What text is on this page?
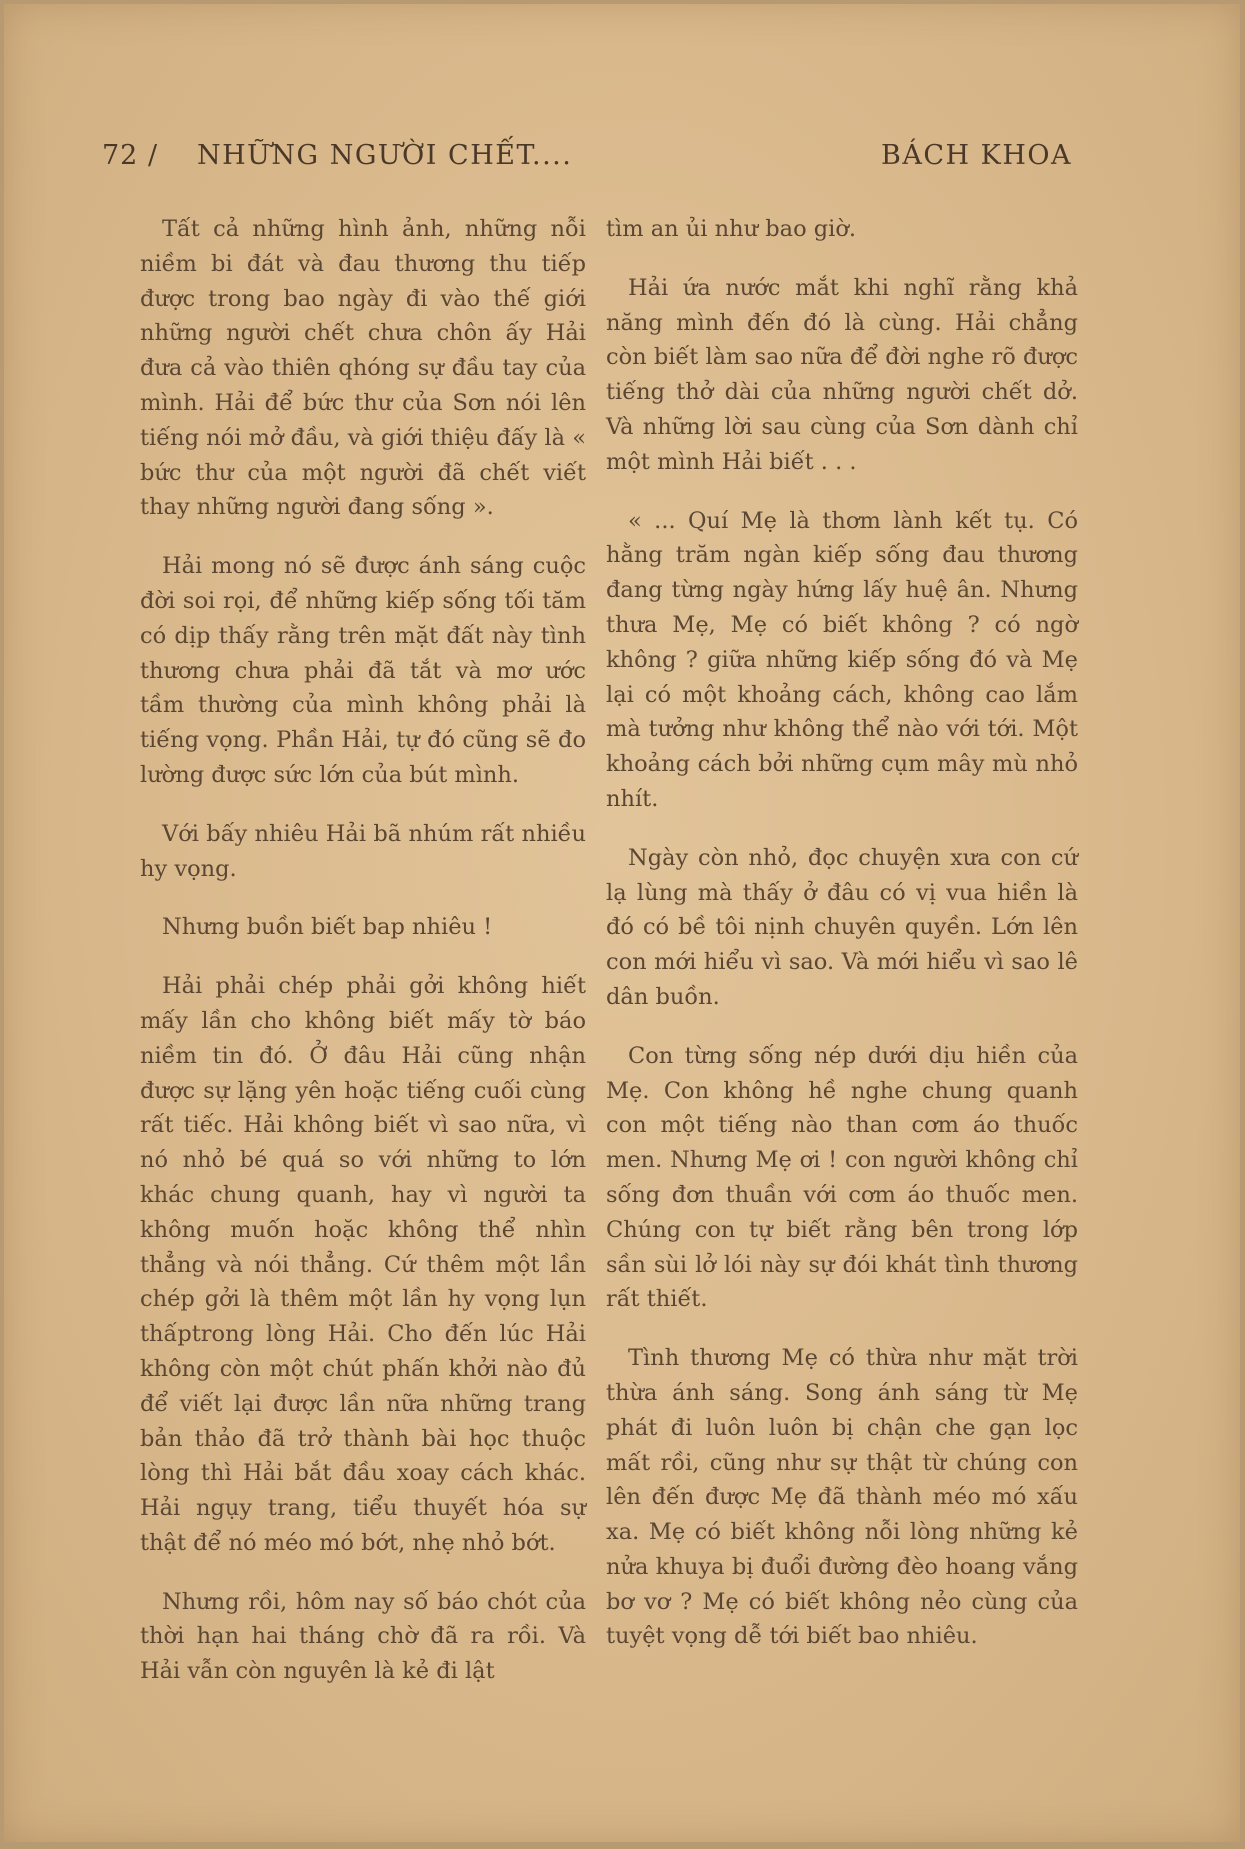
72 / NHỮNG NGƯỜI CHẾT....	BÁCH KHOA

Tất cả những hình ảnh, những nỗi niềm bi đát và đau thương thu tiếp được trong bao ngày đi vào thế giới những người chết chưa chôn ấy Hải đưa cả vào thiên qhóng sự đầu tay của mình. Hải để bức thư của Sơn nói lên tiếng nói mở đầu, và giới thiệu đấy là « bức thư của một người đã chết viết thay những người đang sống ».

Hải mong nó sẽ được ánh sáng cuộc đời soi rọi, để những kiếp sống tối tăm có dịp thấy rằng trên mặt đất này tình thương chưa phải đã tắt và mơ ước tầm thường của mình không phải là tiếng vọng. Phần Hải, tự đó cũng sẽ đo lường được sức lớn của bút mình.

Với bấy nhiêu Hải bã nhúm rất nhiều hy vọng.

Nhưng buồn biết bap nhiêu !

Hải phải chép phải gởi không hiết mấy lần cho không biết mấy tờ báo niềm tin đó. Ở đâu Hải cũng nhận được sự lặng yên hoặc tiếng cuối cùng rất tiếc. Hải không biết vì sao nữa, vì nó nhỏ bé quá so với những to lớn khác chung quanh, hay vì người ta không muốn hoặc không thể nhìn thẳng và nói thẳng. Cứ thêm một lần chép gởi là thêm một lần hy vọng lụn thấptrong lòng Hải. Cho đến lúc Hải không còn một chút phấn khởi nào đủ để viết lại được lần nữa những trang bản thảo đã trở thành bài học thuộc lòng thì Hải bắt đầu xoay cách khác. Hải ngụy trang, tiểu thuyết hóa sự thật để nó méo mó bớt, nhẹ nhỏ bớt.

Nhưng rồi, hôm nay số báo chót của thời hạn hai tháng chờ đã ra rồi. Và Hải vẫn còn nguyên là kẻ đi lật

tìm an ủi như bao giờ.

Hải ứa nước mắt khi nghĩ rằng khả năng mình đến đó là cùng. Hải chẳng còn biết làm sao nữa để đời nghe rõ được tiếng thở dài của những người chết dở. Và những lời sau cùng của Sơn dành chỉ một mình Hải biết . . .

« ... Quí Mẹ là thơm lành kết tụ. Có hằng trăm ngàn kiếp sống đau thương đang từng ngày hứng lấy huệ ân. Nhưng thưa Mẹ, Mẹ có biết không ? có ngờ không ? giữa những kiếp sống đó và Mẹ lại có một khoảng cách, không cao lắm mà tưởng như không thể nào với tới. Một khoảng cách bởi những cụm mây mù nhỏ nhít.

Ngày còn nhỏ, đọc chuyện xưa con cứ lạ lùng mà thấy ở đâu có vị vua hiền là đó có bề tôi nịnh chuyên quyền. Lớn lên con mới hiểu vì sao. Và mới hiểu vì sao lê dân buồn.

Con từng sống nép dưới dịu hiền của Mẹ. Con không hề nghe chung quanh con một tiếng nào than cơm áo thuốc men. Nhưng Mẹ ơi ! con người không chỉ sống đơn thuần với cơm áo thuốc men. Chúng con tự biết rằng bên trong lớp sần sùi lở lói này sự đói khát tình thương rất thiết.

Tình thương Mẹ có thừa như mặt trời thừa ánh sáng. Song ánh sáng từ Mẹ phát đi luôn luôn bị chận che gạn lọc mất rồi, cũng như sự thật từ chúng con lên đến được Mẹ đã thành méo mó xấu xa. Mẹ có biết không nỗi lòng những kẻ nửa khuya bị đuổi đường đèo hoang vắng bơ vơ ? Mẹ có biết không nẻo cùng của tuyệt vọng dễ tới biết bao nhiêu.
